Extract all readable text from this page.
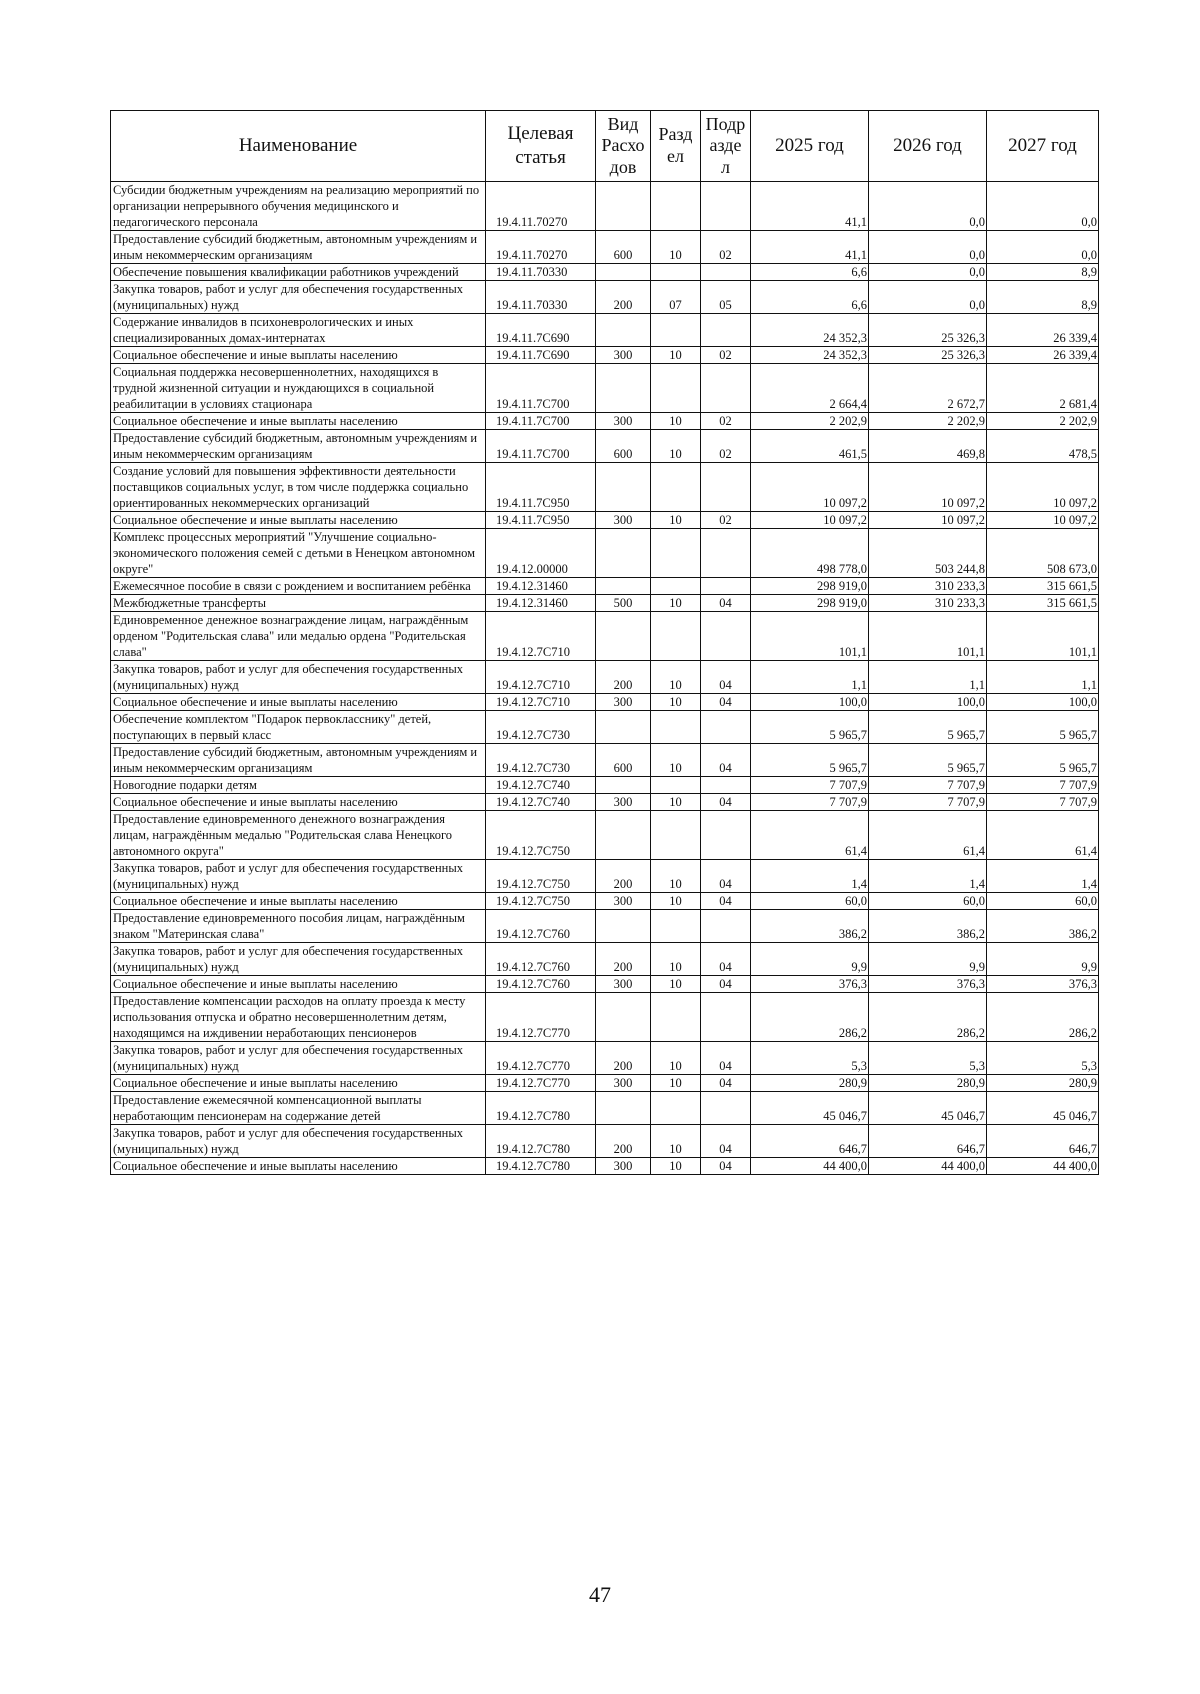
Наименование	Целевая статья	Вид Расхо дов	Разд ел	Подр азде л	2025 год	2026 год	2027 год
Субсидии бюджетным учреждениям на реализацию мероприятий по организации непрерывного обучения медицинского и педагогического персонала	19.4.11.70270				41,1	0,0	0,0
Предоставление субсидий бюджетным, автономным учреждениям и иным некоммерческим организациям	19.4.11.70270	600	10	02	41,1	0,0	0,0
Обеспечение повышения квалификации работников учреждений	19.4.11.70330				6,6	0,0	8,9
Закупка товаров, работ и услуг для обеспечения государственных (муниципальных) нужд	19.4.11.70330	200	07	05	6,6	0,0	8,9
Содержание инвалидов в психоневрологических и иных специализированных домах-интернатах	19.4.11.7С690				24 352,3	25 326,3	26 339,4
Социальное обеспечение и иные выплаты населению	19.4.11.7С690	300	10	02	24 352,3	25 326,3	26 339,4
Социальная поддержка несовершеннолетних, находящихся в трудной жизненной ситуации и нуждающихся в социальной реабилитации в условиях стационара	19.4.11.7С700				2 664,4	2 672,7	2 681,4
Социальное обеспечение и иные выплаты населению	19.4.11.7С700	300	10	02	2 202,9	2 202,9	2 202,9
Предоставление субсидий бюджетным, автономным учреждениям и иным некоммерческим организациям	19.4.11.7С700	600	10	02	461,5	469,8	478,5
Создание условий для повышения эффективности деятельности поставщиков социальных услуг, в том числе поддержка социально ориентированных некоммерческих организаций	19.4.11.7С950				10 097,2	10 097,2	10 097,2
Социальное обеспечение и иные выплаты населению	19.4.11.7С950	300	10	02	10 097,2	10 097,2	10 097,2
Комплекс процессных мероприятий "Улучшение социально-экономического положения семей с детьми в Ненецком автономном округе"	19.4.12.00000				498 778,0	503 244,8	508 673,0
Ежемесячное пособие в связи с рождением и воспитанием ребёнка	19.4.12.31460				298 919,0	310 233,3	315 661,5
Межбюджетные трансферты	19.4.12.31460	500	10	04	298 919,0	310 233,3	315 661,5
Единовременное денежное вознаграждение лицам, награждённым орденом "Родительская слава" или медалью ордена "Родительская слава"	19.4.12.7С710				101,1	101,1	101,1
Закупка товаров, работ и услуг для обеспечения государственных (муниципальных) нужд	19.4.12.7С710	200	10	04	1,1	1,1	1,1
Социальное обеспечение и иные выплаты населению	19.4.12.7С710	300	10	04	100,0	100,0	100,0
Обеспечение комплектом "Подарок первокласснику" детей, поступающих в первый класс	19.4.12.7С730				5 965,7	5 965,7	5 965,7
Предоставление субсидий бюджетным, автономным учреждениям и иным некоммерческим организациям	19.4.12.7С730	600	10	04	5 965,7	5 965,7	5 965,7
Новогодние подарки детям	19.4.12.7С740				7 707,9	7 707,9	7 707,9
Социальное обеспечение и иные выплаты населению	19.4.12.7С740	300	10	04	7 707,9	7 707,9	7 707,9
Предоставление единовременного денежного вознаграждения лицам, награждённым медалью "Родительская слава Ненецкого автономного округа"	19.4.12.7С750				61,4	61,4	61,4
Закупка товаров, работ и услуг для обеспечения государственных (муниципальных) нужд	19.4.12.7С750	200	10	04	1,4	1,4	1,4
Социальное обеспечение и иные выплаты населению	19.4.12.7С750	300	10	04	60,0	60,0	60,0
Предоставление единовременного пособия лицам, награждённым знаком "Материнская слава"	19.4.12.7С760				386,2	386,2	386,2
Закупка товаров, работ и услуг для обеспечения государственных (муниципальных) нужд	19.4.12.7С760	200	10	04	9,9	9,9	9,9
Социальное обеспечение и иные выплаты населению	19.4.12.7С760	300	10	04	376,3	376,3	376,3
Предоставление компенсации расходов на оплату проезда к месту использования отпуска и обратно несовершеннолетним детям, находящимся на иждивении неработающих пенсионеров	19.4.12.7С770				286,2	286,2	286,2
Закупка товаров, работ и услуг для обеспечения государственных (муниципальных) нужд	19.4.12.7С770	200	10	04	5,3	5,3	5,3
Социальное обеспечение и иные выплаты населению	19.4.12.7С770	300	10	04	280,9	280,9	280,9
Предоставление ежемесячной компенсационной выплаты неработающим пенсионерам на содержание детей	19.4.12.7С780				45 046,7	45 046,7	45 046,7
Закупка товаров, работ и услуг для обеспечения государственных (муниципальных) нужд	19.4.12.7С780	200	10	04	646,7	646,7	646,7
Социальное обеспечение и иные выплаты населению	19.4.12.7С780	300	10	04	44 400,0	44 400,0	44 400,0
47
